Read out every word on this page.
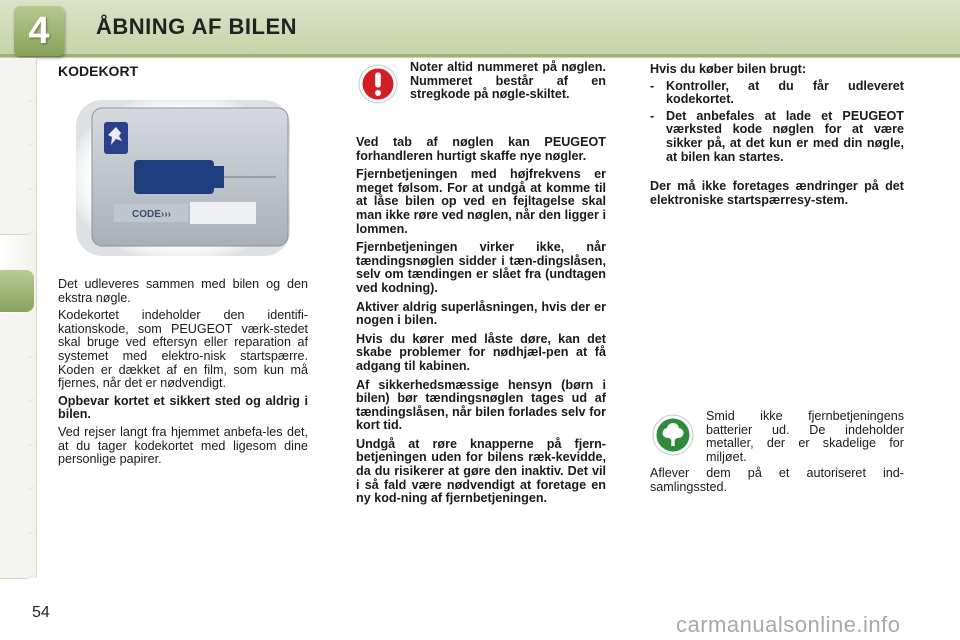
4	ÅBNING AF BILEN
KODEKORT
CODE ›››

Det udleveres sammen med bilen og den ekstra nøgle.

Kodekortet indeholder den identifi-kationskode, som PEUGEOT værk-stedet skal bruge ved eftersyn eller reparation af systemet med elektro-nisk startspærre. Koden er dækket af en film, som kun må fjernes, når det er nødvendigt.

Opbevar kortet et sikkert sted og aldrig i bilen.

Ved rejser langt fra hjemmet anbefa-les det, at du tager kodekortet med ligesom dine personlige papirer.

Noter altid nummeret på nøglen. Nummeret består af en stregkode på nøgle-skiltet.

Ved tab af nøglen kan PEUGEOT forhandleren hurtigt skaffe nye nøgler.

Fjernbetjeningen med højfrekvens er meget følsom. For at undgå at komme til at låse bilen op ved en fejltagelse skal man ikke røre ved nøglen, når den ligger i lommen.

Fjernbetjeningen virker ikke, når tændingsnøglen sidder i tæn-dingslåsen, selv om tændingen er slået fra (undtagen ved kodning).

Aktiver aldrig superlåsningen, hvis der er nogen i bilen.

Hvis du kører med låste døre, kan det skabe problemer for nødhjæl-pen at få adgang til kabinen.

Af sikkerhedsmæssige hensyn (børn i bilen) bør tændingsnøglen tages ud af tændingslåsen, når bilen forlades selv for kort tid.

Undgå at røre knapperne på fjern-betjeningen uden for bilens ræk-kevidde, da du risikerer at gøre den inaktiv. Det vil i så fald være nødvendigt at foretage en ny kod-ning af fjernbetjeningen.

Hvis du køber bilen brugt:

- Kontroller, at du får udleveret kodekortet.

- Det anbefales at lade et PEUGEOT værksted kode nøglen for at være sikker på, at det kun er med din nøgle, at bilen kan startes.

Der må ikke foretages ændringer på det elektroniske startspærresy-stem.

Smid ikke fjernbetjeningens batterier ud. De indeholder metaller, der er skadelige for miljøet.

Aflever dem på et autoriseret ind-samlingssted.

54	carmanualsonline.info
